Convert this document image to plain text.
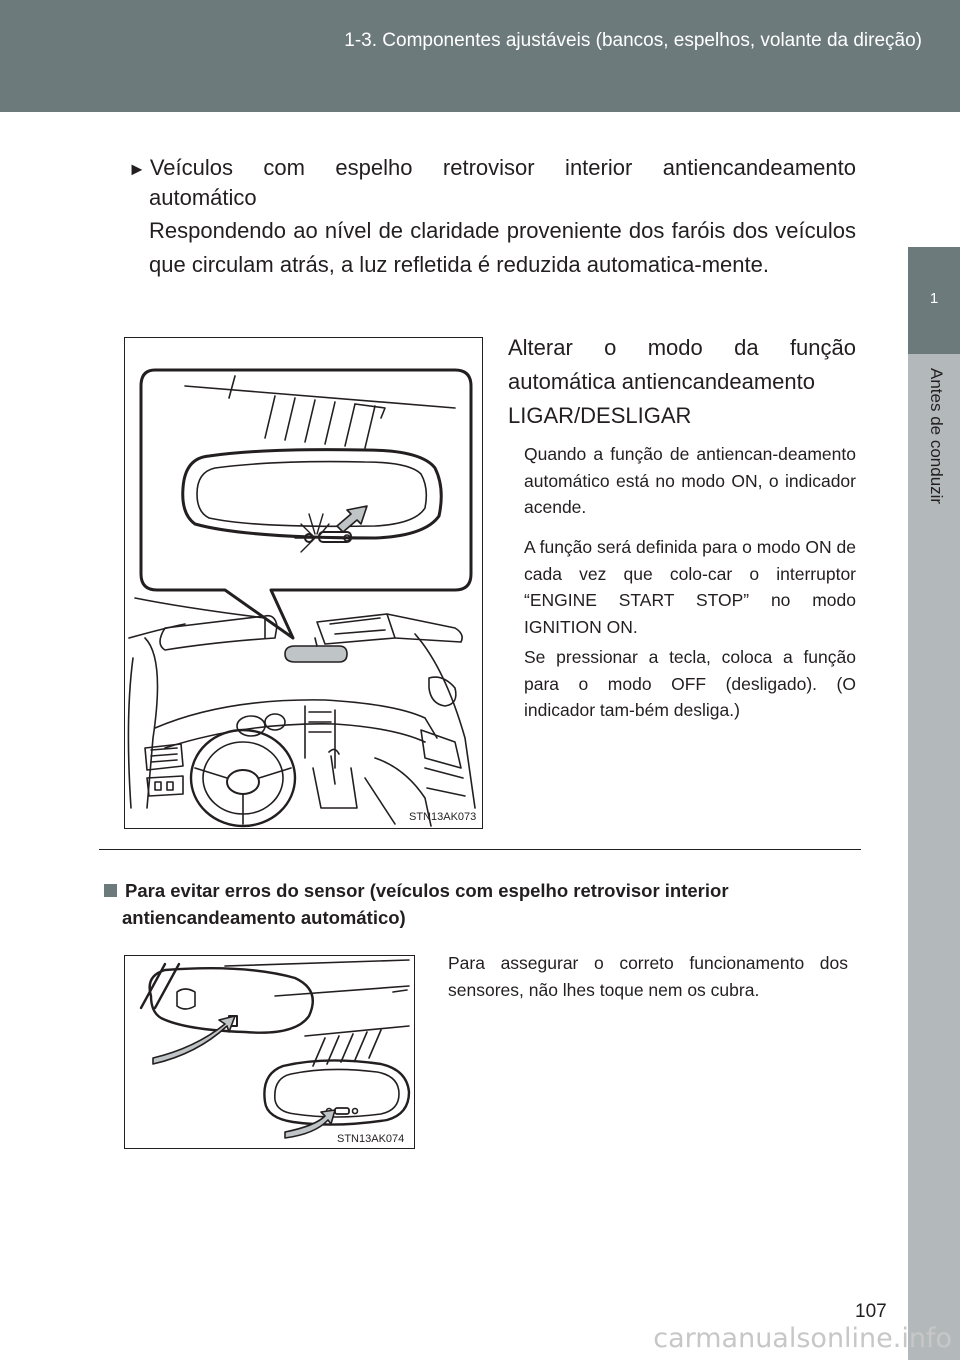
1-3. Componentes ajustáveis (bancos, espelhos, volante da direção)
1
Antes de conduzir
► Veículos com espelho retrovisor interior antiencandeamento
automático
Respondendo ao nível de claridade proveniente dos faróis dos veículos que circulam atrás, a luz refletida é reduzida automatica-mente.
STN13AK073
Alterar o modo da função
automática antiencandeamento
LIGAR/DESLIGAR
Quando a função de antiencan-deamento automático está no modo ON, o indicador acende.
A função será definida para o modo ON de cada vez que colo-car o interruptor “ENGINE START STOP” no modo IGNITION ON.
Se pressionar a tecla, coloca a função para o modo OFF (desligado). (O indicador tam-bém desliga.)
Para evitar erros do sensor (veículos com espelho retrovisor interior
antiencandeamento automático)
Para assegurar o correto funcionamento dos sensores, não lhes toque nem os cubra.
STN13AK074
107
carmanualsonline.info
